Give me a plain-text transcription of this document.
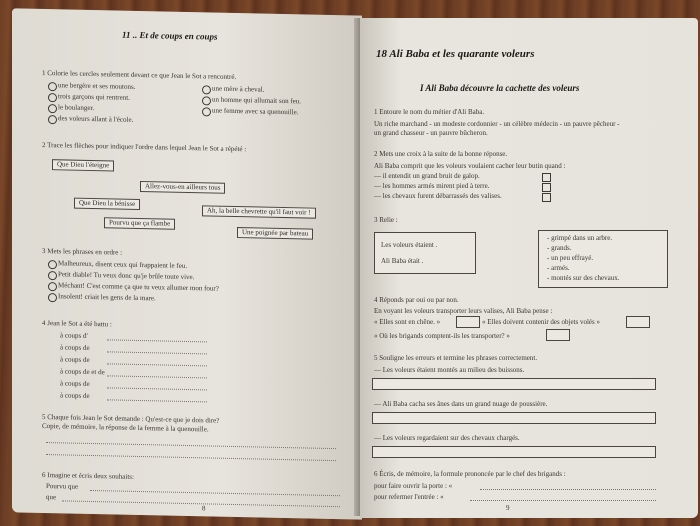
11 .. Et de coups en coups
1 Colorie les cercles seulement devant ce que Jean le Sot a rencontré.
une bergère et ses moutons.	une mère à cheval.
trois garçons qui rentrent.	un homme qui allumait son feu.
le boulanger.	une femme avec sa quenouille.
des voleurs allant à l'école.
2 Trace les flèches pour indiquer l'ordre dans lequel Jean le Sot a répété :
Que Dieu l'éteigne
Allez-vous-en ailleurs tous
Que Dieu la bénisse
Ah, la belle chevrette qu'il faut voir !
Pourvu que ça flambe
Une poignée par bateau
3 Mets les phrases en ordre :
Malheureux, disent ceux qui frappaient le feu.
Petit diable! Tu veux donc qu'je brûle toute vive.
Méchant! C'est comme ça que tu veux allumer mon four?
Insolent! criait les gens de la mare.
4 Jean le Sot a été battu :
à coups d'
à coups de
à coups de
à coups de et de
à coups de
à coups de
5 Chaque fois Jean le Sot demande : Qu'est-ce que je dois dire?
Copie, de mémoire, la réponse de la femme à la quenouille.
6 Imagine et écris deux souhaits:
Pourvu que
que
8
18 Ali Baba et les quarante voleurs
I Ali Baba découvre la cachette des voleurs
1 Entoure le nom du métier d'Ali Baba.
Un riche marchand - un modeste cordonnier - un célèbre médecin - un pauvre pêcheur -
un grand chasseur - un pauvre bûcheron.
2 Mets une croix à la suite de la bonne réponse.
Ali Baba comprit que les voleurs voulaient cacher leur butin quand :
— il entendit un grand bruit de galop.
— les hommes armés mirent pied à terre.
— les chevaux furent débarrassés des valises.
3 Relie :
Les voleurs étaient .
Ali Baba était .
- grimpé dans un arbre.
- grands.
- un peu effrayé.
- armés.
- montés sur des chevaux.
4 Réponds par oui ou par non.
En voyant les voleurs transporter leurs valises, Ali Baba pense :
« Elles sont en chêne. »	« Elles doivent contenir des objets volés »
« Où les brigands comptent-ils les transporter? »
5 Souligne les erreurs et termine les phrases correctement.
— Les voleurs étaient montés au milieu des buissons.
— Ali Baba cacha ses ânes dans un grand nuage de poussière.
— Les voleurs regardaient sur des chevaux chargés.
6 Écris, de mémoire, la formule prononcée par le chef des brigands :
pour faire ouvrir la porte : «
pour refermer l'entrée : «
9
